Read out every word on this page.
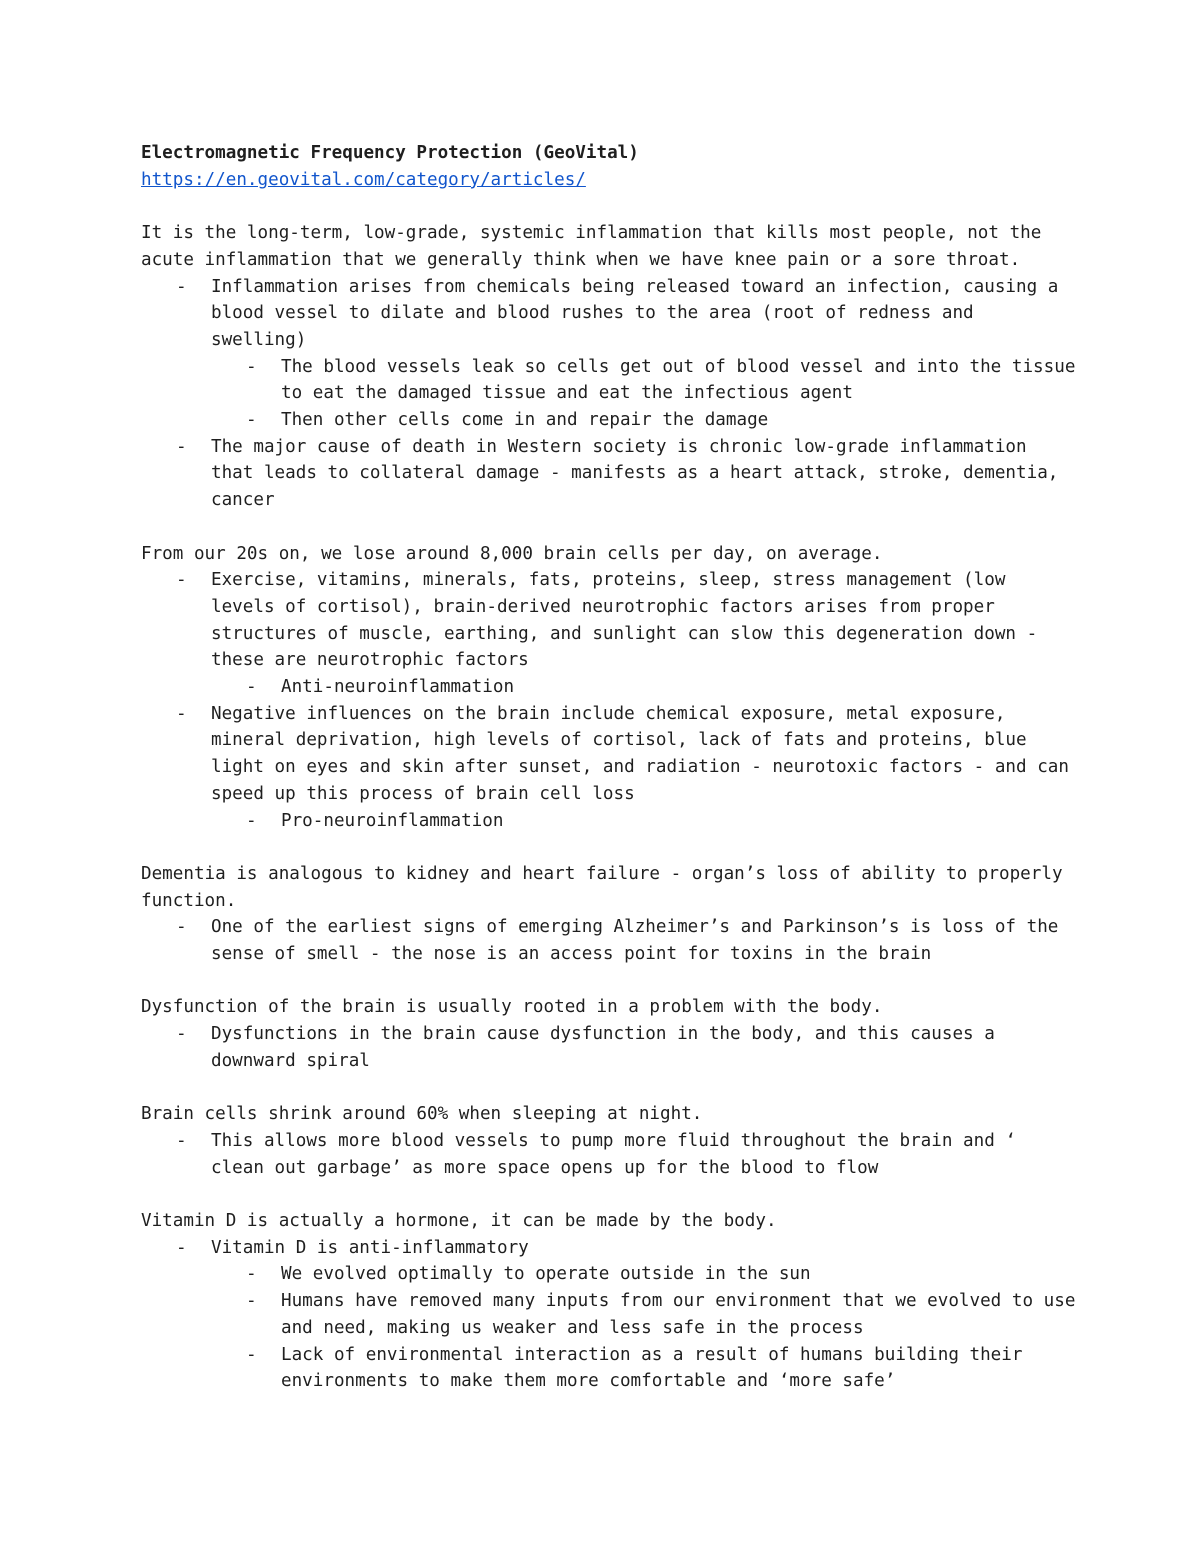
Electromagnetic Frequency Protection (GeoVital)
https://en.geovital.com/category/articles/
It is the long-term, low-grade, systemic inflammation that kills most people, not the acute inflammation that we generally think when we have knee pain or a sore throat.
-	Inflammation arises from chemicals being released toward an infection, causing a blood vessel to dilate and blood rushes to the area (root of redness and swelling)
-	The blood vessels leak so cells get out of blood vessel and into the tissue to eat the damaged tissue and eat the infectious agent
-	Then other cells come in and repair the damage
-	The major cause of death in Western society is chronic low-grade inflammation that leads to collateral damage - manifests as a heart attack, stroke, dementia, cancer
From our 20s on, we lose around 8,000 brain cells per day, on average.
-	Exercise, vitamins, minerals, fats, proteins, sleep, stress management (low levels of cortisol), brain-derived neurotrophic factors arises from proper structures of muscle, earthing, and sunlight can slow this degeneration down - these are neurotrophic factors
-	Anti-neuroinflammation
-	Negative influences on the brain include chemical exposure, metal exposure, mineral deprivation, high levels of cortisol, lack of fats and proteins, blue light on eyes and skin after sunset, and radiation - neurotoxic factors - and can speed up this process of brain cell loss
-	Pro-neuroinflammation
Dementia is analogous to kidney and heart failure - organ’s loss of ability to properly function.
-	One of the earliest signs of emerging Alzheimer’s and Parkinson’s is loss of the sense of smell - the nose is an access point for toxins in the brain
Dysfunction of the brain is usually rooted in a problem with the body.
-	Dysfunctions in the brain cause dysfunction in the body, and this causes a downward spiral
Brain cells shrink around 60% when sleeping at night.
-	This allows more blood vessels to pump more fluid throughout the brain and ‘ clean out garbage’ as more space opens up for the blood to flow
Vitamin D is actually a hormone, it can be made by the body.
-	Vitamin D is anti-inflammatory
-	We evolved optimally to operate outside in the sun
-	Humans have removed many inputs from our environment that we evolved to use and need, making us weaker and less safe in the process
-	Lack of environmental interaction as a result of humans building their environments to make them more comfortable and ‘more safe’
